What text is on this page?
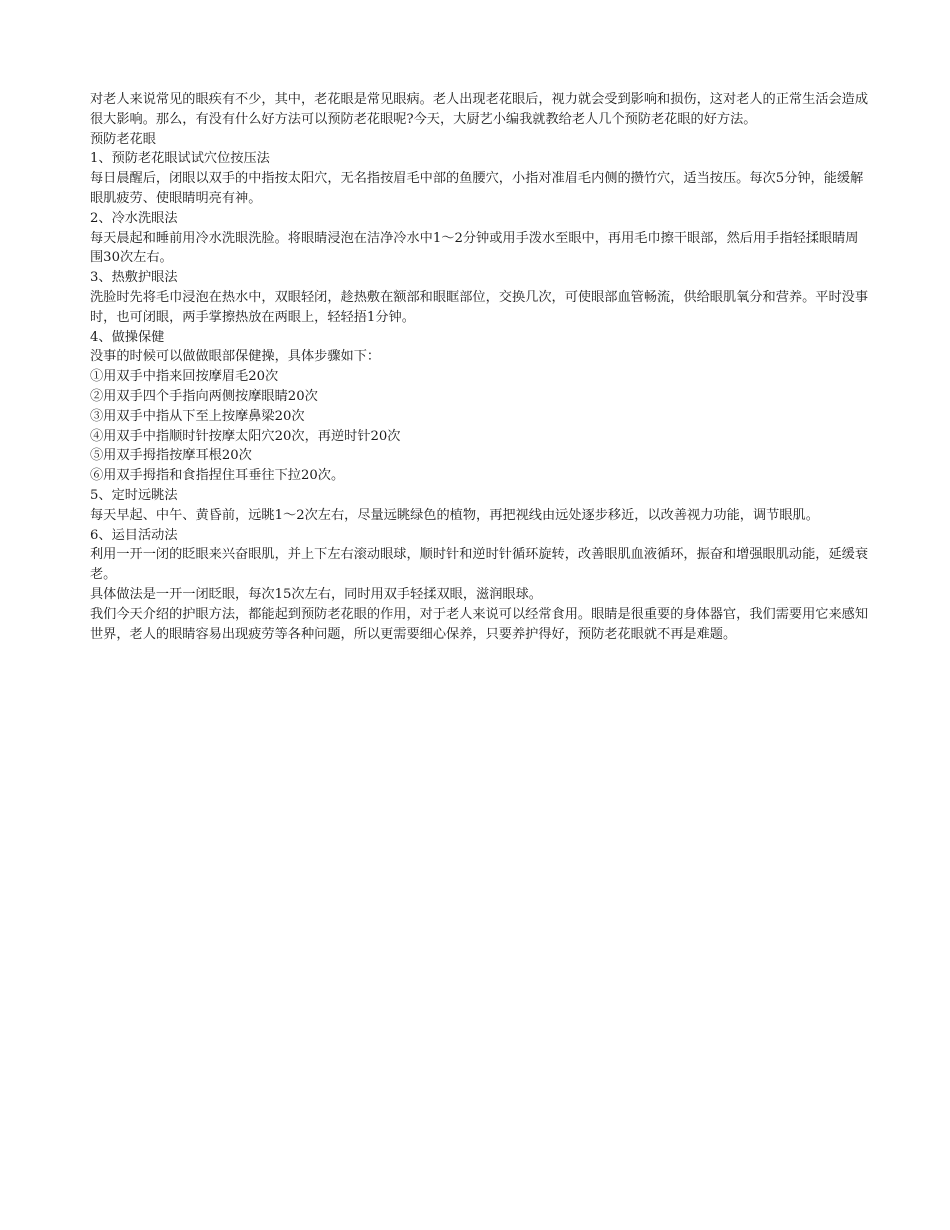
对老人来说常见的眼疾有不少，其中，老花眼是常见眼病。老人出现老花眼后，视力就会受到影响和损伤，这对老人的正常生活会造成很大影响。那么，有没有什么好方法可以预防老花眼呢?今天，大厨艺小编我就教给老人几个预防老花眼的好方法。

预防老花眼

1、预防老花眼试试穴位按压法

每日晨醒后，闭眼以双手的中指按太阳穴，无名指按眉毛中部的鱼腰穴，小指对准眉毛内侧的攒竹穴，适当按压。每次5分钟，能缓解眼肌疲劳、使眼睛明亮有神。

2、冷水洗眼法

每天晨起和睡前用冷水洗眼洗脸。将眼睛浸泡在洁净冷水中1～2分钟或用手泼水至眼中，再用毛巾擦干眼部，然后用手指轻揉眼睛周围30次左右。

3、热敷护眼法

洗脸时先将毛巾浸泡在热水中，双眼轻闭，趁热敷在额部和眼眶部位，交换几次，可使眼部血管畅流，供给眼肌氧分和营养。平时没事时，也可闭眼，两手掌擦热放在两眼上，轻轻捂1分钟。

4、做操保健

没事的时候可以做做眼部保健操，具体步骤如下：

①用双手中指来回按摩眉毛20次

②用双手四个手指向两侧按摩眼睛20次

③用双手中指从下至上按摩鼻梁20次

④用双手中指顺时针按摩太阳穴20次，再逆时针20次

⑤用双手拇指按摩耳根20次

⑥用双手拇指和食指捏住耳垂往下拉20次。

5、定时远眺法

每天早起、中午、黄昏前，远眺1～2次左右，尽量远眺绿色的植物，再把视线由远处逐步移近，以改善视力功能，调节眼肌。

6、运目活动法

利用一开一闭的眨眼来兴奋眼肌，并上下左右滚动眼球，顺时针和逆时针循环旋转，改善眼肌血液循环，振奋和增强眼肌动能，延缓衰老。

具体做法是一开一闭眨眼，每次15次左右，同时用双手轻揉双眼，滋润眼球。

我们今天介绍的护眼方法，都能起到预防老花眼的作用，对于老人来说可以经常食用。眼睛是很重要的身体器官，我们需要用它来感知世界，老人的眼睛容易出现疲劳等各种问题，所以更需要细心保养，只要养护得好，预防老花眼就不再是难题。
